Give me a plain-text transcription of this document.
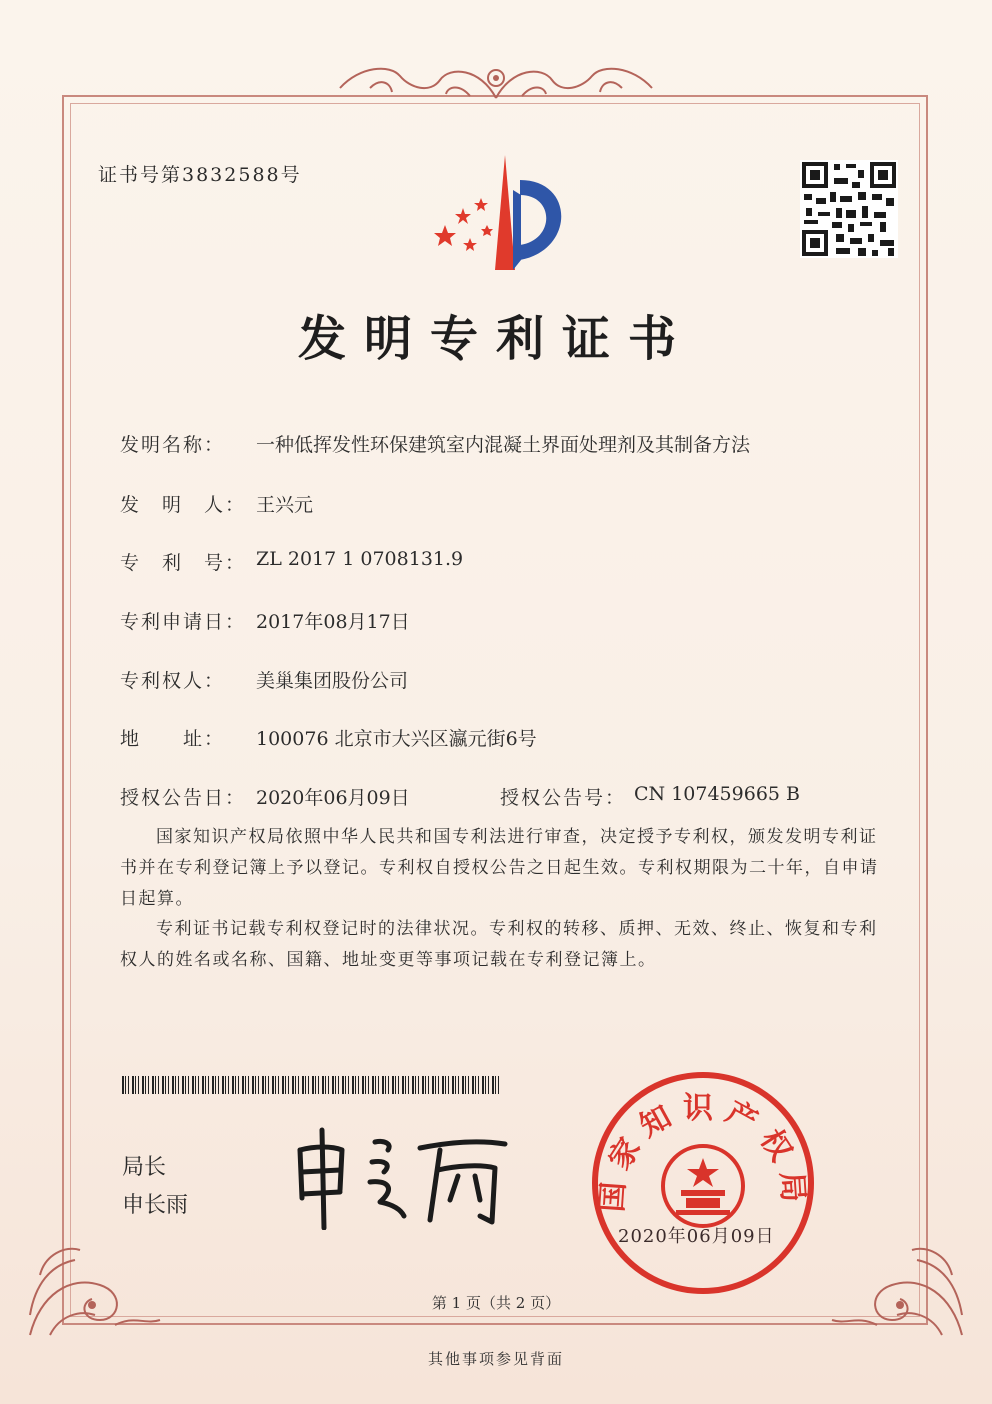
证书号第3832588号
发明专利证书
发明名称： 一种低挥发性环保建筑室内混凝土界面处理剂及其制备方法
发　明　人： 王兴元
专　利　号： ZL 2017 1 0708131.9
专利申请日： 2017年08月17日
专利权人： 美巢集团股份公司
地　　址： 100076 北京市大兴区瀛元街6号
授权公告日： 2020年06月09日	授权公告号： CN 107459665 B
国家知识产权局依照中华人民共和国专利法进行审查，决定授予专利权，颁发发明专利证书并在专利登记簿上予以登记。专利权自授权公告之日起生效。专利权期限为二十年，自申请日起算。
专利证书记载专利权登记时的法律状况。专利权的转移、质押、无效、终止、恢复和专利权人的姓名或名称、国籍、地址变更等事项记载在专利登记簿上。
局长
申长雨	国家知识产权局
2020年06月09日
第 1 页（共 2 页）
其他事项参见背面
